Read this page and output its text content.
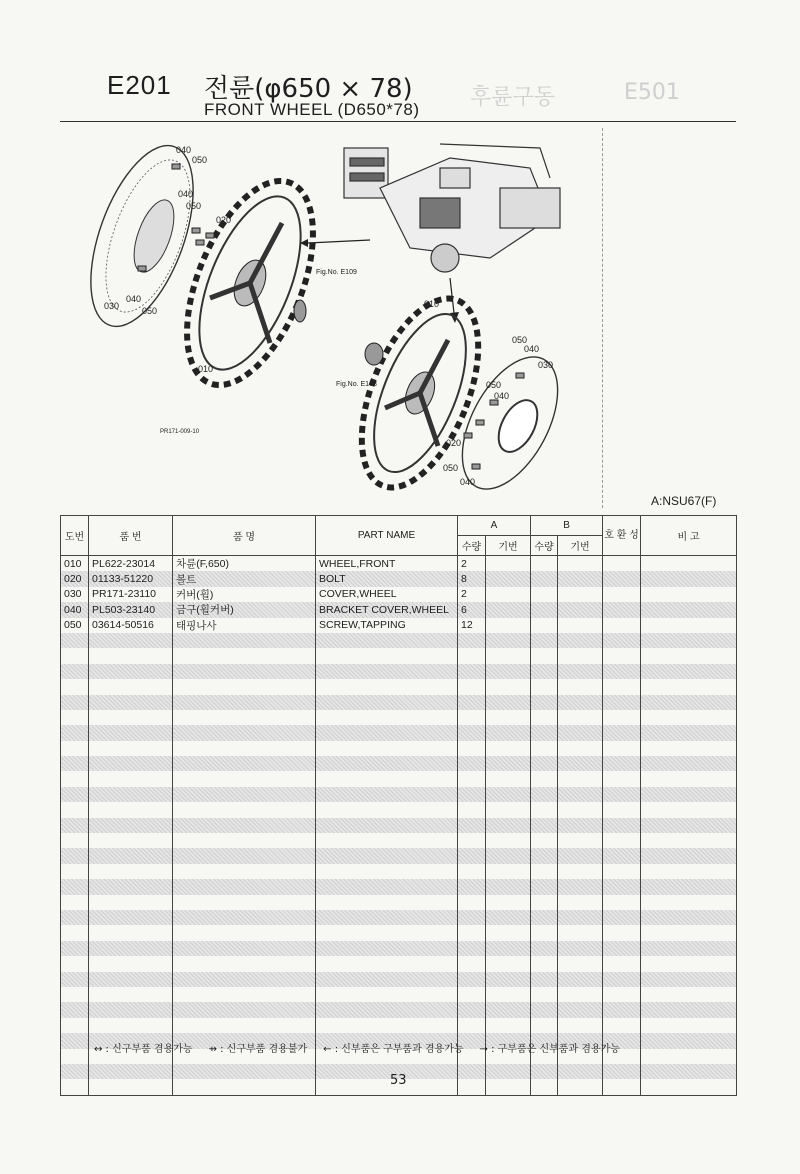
E501
후륜구동
E201 전륜(φ650 × 78)
FRONT WHEEL (D650*78)
040
050
040
050
020
030
040
050
010
010
050
040
030
050
040
020
050
040
Fig.No. E109
Fig.No. E108
PR171-009-10
A:NSU67(F)
도번	품 번	품 명	PART NAME	A		B		호 환 성	비 고
				수량	기번	수량	기번		
010	PL622-23014	차륜(F,650)	WHEEL,FRONT	2					
020	01133-51220	볼트	BOLT	8					
030	PR171-23110	커버(휠)	COVER,WHEEL	2					
040	PL503-23140	금구(휠커버)	BRACKET COVER,WHEEL	6					
050	03614-50516	태핑나사	SCREW,TAPPING	12					

↔ : 신구부품 겸용가능 ⇸ : 신구부품 겸용불가 ← : 신부품은 구부품과 겸용가능 → : 구부품은 신부품과 겸용가능
53
